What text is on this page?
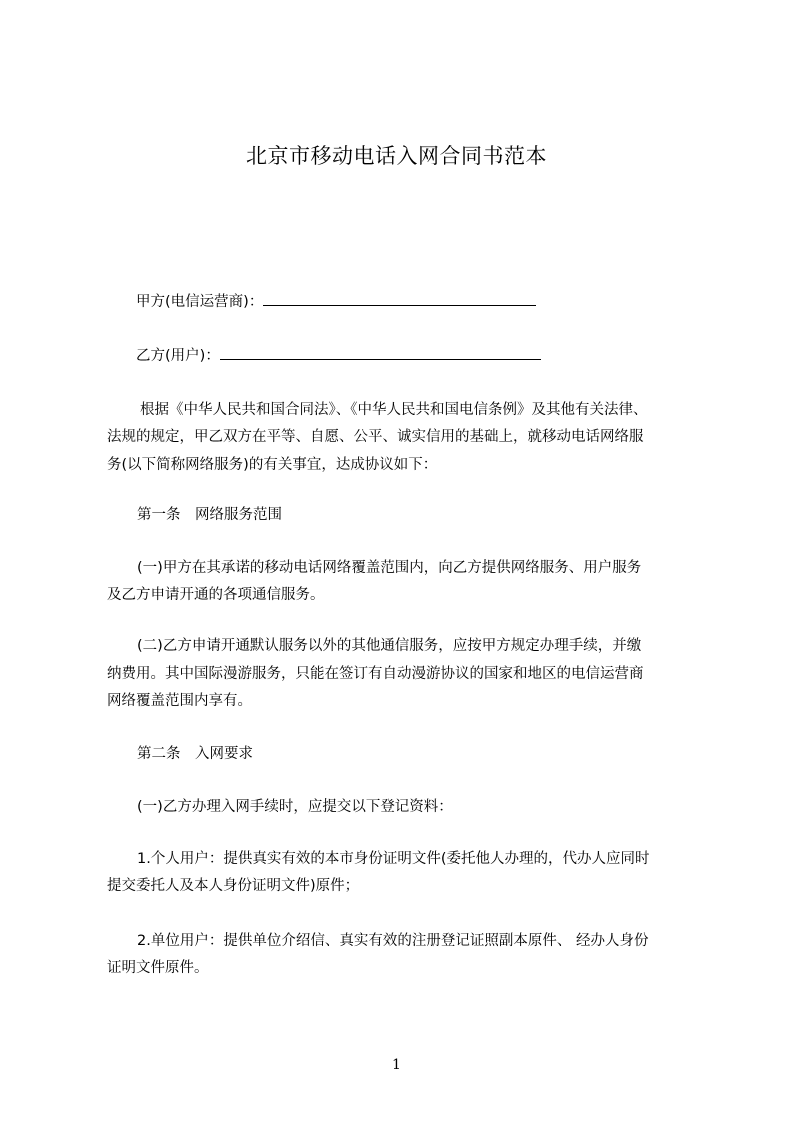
北京市移动电话入网合同书范本
甲方(电信运营商)：
乙方(用户)：
根据《中华人民共和国合同法》、《中华人民共和国电信条例》及其他有关法律、
法规的规定，甲乙双方在平等、自愿、公平、诚实信用的基础上，就移动电话网络服
务(以下简称网络服务)的有关事宜，达成协议如下：
第一条　网络服务范围
(一)甲方在其承诺的移动电话网络覆盖范围内，向乙方提供网络服务、用户服务
及乙方申请开通的各项通信服务。
(二)乙方申请开通默认服务以外的其他通信服务，应按甲方规定办理手续，并缴
纳费用。其中国际漫游服务，只能在签订有自动漫游协议的国家和地区的电信运营商
网络覆盖范围内享有。
第二条　入网要求
(一)乙方办理入网手续时，应提交以下登记资料：
1.个人用户：提供真实有效的本市身份证明文件(委托他人办理的，代办人应同时
提交委托人及本人身份证明文件)原件；
2.单位用户：提供单位介绍信、真实有效的注册登记证照副本原件、 经办人身份
证明文件原件。
1
